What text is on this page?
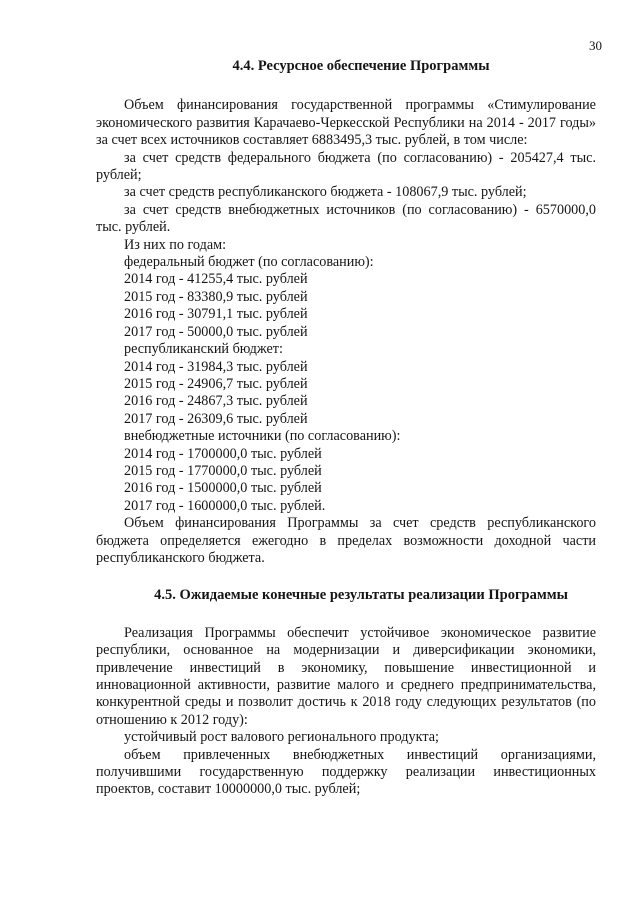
30

4.4. Ресурсное обеспечение Программы

Объем финансирования государственной программы «Стимулирование экономического развития Карачаево-Черкесской Республики на 2014 - 2017 годы» за счет всех источников составляет 6883495,3 тыс. рублей, в том числе:

за счет средств федерального бюджета (по согласованию) - 205427,4 тыс. рублей;

за счет средств республиканского бюджета - 108067,9 тыс. рублей;

за счет средств внебюджетных источников (по согласованию) - 6570000,0 тыс. рублей.

Из них по годам:

федеральный бюджет (по согласованию):

2014 год - 41255,4 тыс. рублей

2015 год - 83380,9 тыс. рублей

2016 год - 30791,1 тыс. рублей

2017 год - 50000,0 тыс. рублей

республиканский бюджет:

2014 год - 31984,3 тыс. рублей

2015 год - 24906,7 тыс. рублей

2016 год - 24867,3 тыс. рублей

2017 год - 26309,6 тыс. рублей

внебюджетные источники (по согласованию):

2014 год - 1700000,0 тыс. рублей

2015 год - 1770000,0 тыс. рублей

2016 год - 1500000,0 тыс. рублей

2017 год - 1600000,0 тыс. рублей.

Объем финансирования Программы за счет средств республиканского бюджета определяется ежегодно в пределах возможности доходной части республиканского бюджета.

4.5. Ожидаемые конечные результаты реализации Программы

Реализация Программы обеспечит устойчивое экономическое развитие республики, основанное на модернизации и диверсификации экономики, привлечение инвестиций в экономику, повышение инвестиционной и инновационной активности, развитие малого и среднего предпринимательства, конкурентной среды и позволит достичь к 2018 году следующих результатов (по отношению к 2012 году):

устойчивый рост валового регионального продукта;

объем привлеченных внебюджетных инвестиций организациями, получившими государственную поддержку реализации инвестиционных проектов, составит 10000000,0 тыс. рублей;
